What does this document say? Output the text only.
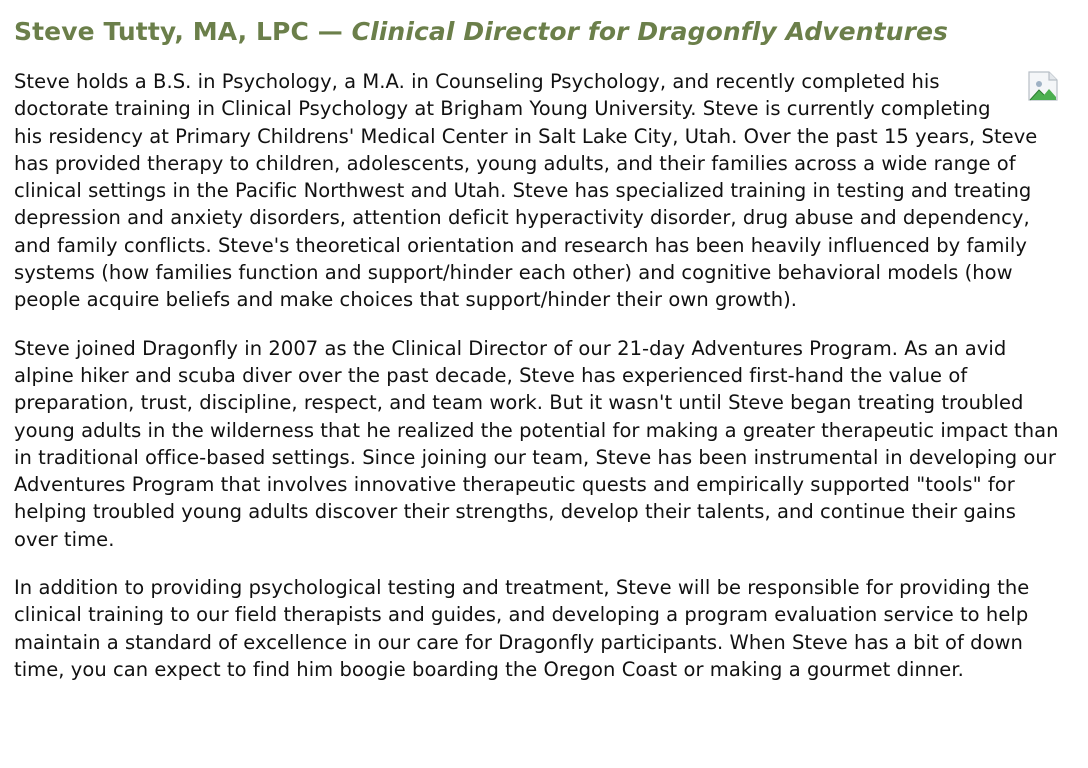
Steve Tutty, MA, LPC — Clinical Director for Dragonfly Adventures

Steve holds a B.S. in Psychology, a M.A. in Counseling Psychology, and recently completed his doctorate training in Clinical Psychology at Brigham Young University. Steve is currently completing his residency at Primary Childrens' Medical Center in Salt Lake City, Utah. Over the past 15 years, Steve has provided therapy to children, adolescents, young adults, and their families across a wide range of clinical settings in the Pacific Northwest and Utah. Steve has specialized training in testing and treating depression and anxiety disorders, attention deficit hyperactivity disorder, drug abuse and dependency, and family conflicts. Steve's theoretical orientation and research has been heavily influenced by family systems (how families function and support/hinder each other) and cognitive behavioral models (how people acquire beliefs and make choices that support/hinder their own growth).

Steve joined Dragonfly in 2007 as the Clinical Director of our 21-day Adventures Program. As an avid alpine hiker and scuba diver over the past decade, Steve has experienced first-hand the value of preparation, trust, discipline, respect, and team work. But it wasn't until Steve began treating troubled young adults in the wilderness that he realized the potential for making a greater therapeutic impact than in traditional office-based settings. Since joining our team, Steve has been instrumental in developing our Adventures Program that involves innovative therapeutic quests and empirically supported "tools" for helping troubled young adults discover their strengths, develop their talents, and continue their gains over time.

In addition to providing psychological testing and treatment, Steve will be responsible for providing the clinical training to our field therapists and guides, and developing a program evaluation service to help maintain a standard of excellence in our care for Dragonfly participants. When Steve has a bit of down time, you can expect to find him boogie boarding the Oregon Coast or making a gourmet dinner.
